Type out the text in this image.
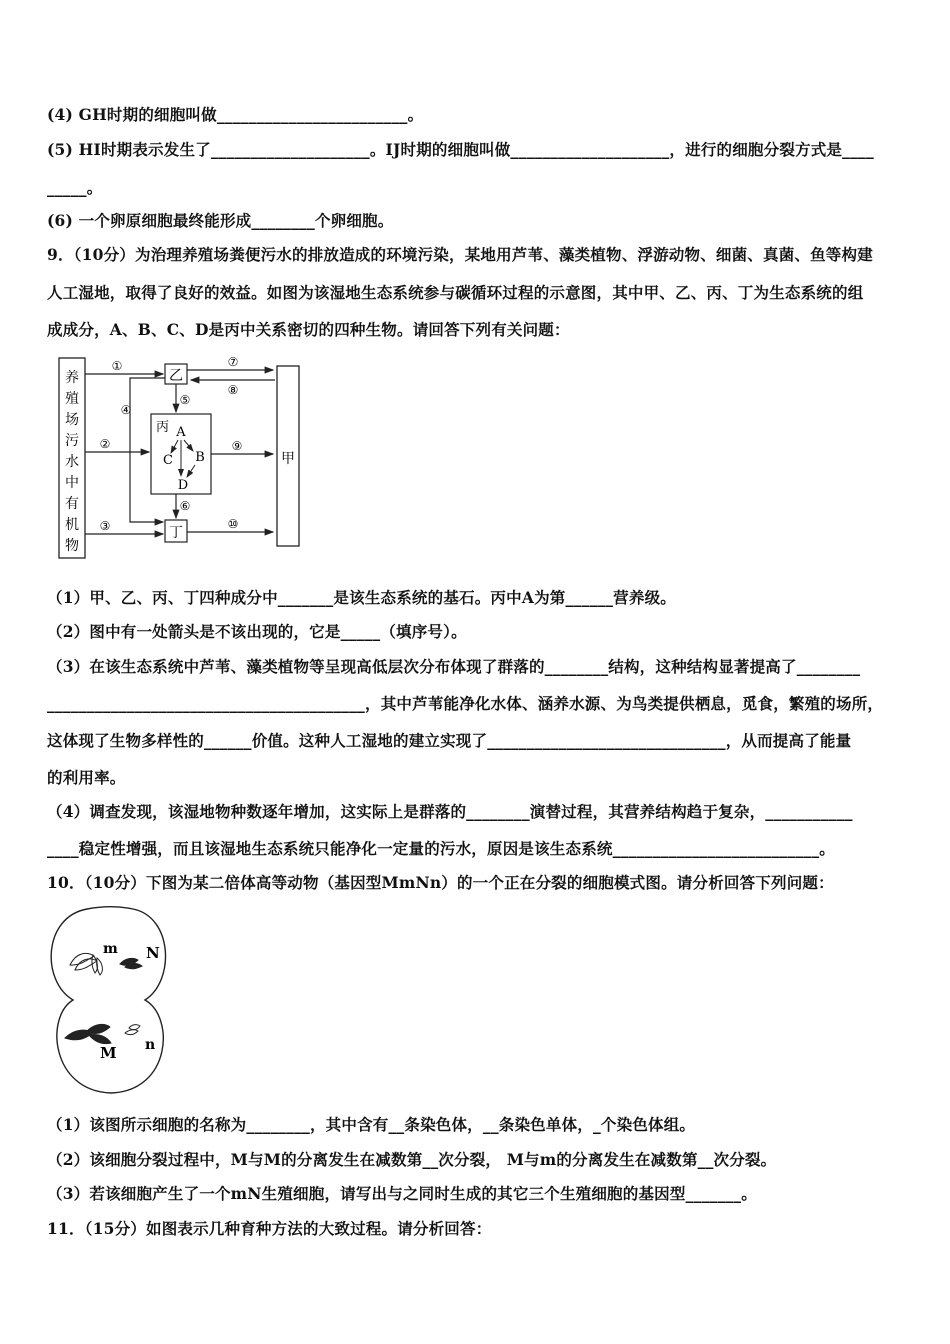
(4) GH时期的细胞叫做________________________。
(5) HI时期表示发生了____________________。IJ时期的细胞叫做____________________，进行的细胞分裂方式是____
_____。
(6) 一个卵原细胞最终能形成________个卵细胞。
9．（10分）为治理养殖场粪便污水的排放造成的环境污染，某地用芦苇、藻类植物、浮游动物、细菌、真菌、鱼等构建
人工湿地，取得了良好的效益。如图为该湿地生态系统参与碳循环过程的示意图，其中甲、乙、丙、丁为生态系统的组
成成分，A、B、C、D是丙中关系密切的四种生物。请回答下列有关问题：
养
殖
场
污
水
中
有
机
物
乙
丙 A
C B
D
丁
甲
①
②
③
④
⑤
⑥
⑦
⑧
⑨
⑩
（1）甲、乙、丙、丁四种成分中_______是该生态系统的基石。丙中A为第______营养级。
（2）图中有一处箭头是不该出现的，它是_____（填序号）。
（3）在该生态系统中芦苇、藻类植物等呈现高低层次分布体现了群落的________结构，这种结构显著提高了________
________________________________________，其中芦苇能净化水体、涵养水源、为鸟类提供栖息，觅食，繁殖的场所，
这体现了生物多样性的______价值。这种人工湿地的建立实现了______________________________，从而提高了能量
的利用率。
（4）调查发现，该湿地物种数逐年增加，这实际上是群落的________演替过程，其营养结构趋于复杂，___________
____稳定性增强，而且该湿地生态系统只能净化一定量的污水，原因是该生态系统__________________________。
10．（10分）下图为某二倍体高等动物（基因型MmNn）的一个正在分裂的细胞模式图。请分析回答下列问题：
m N
M n
（1）该图所示细胞的名称为________，其中含有__条染色体，__条染色单体，_个染色体组。
（2）该细胞分裂过程中，M与M的分离发生在减数第__次分裂， M与m的分离发生在减数第__次分裂。
（3）若该细胞产生了一个mN生殖细胞，请写出与之同时生成的其它三个生殖细胞的基因型_______。
11．（15分）如图表示几种育种方法的大致过程。请分析回答：
